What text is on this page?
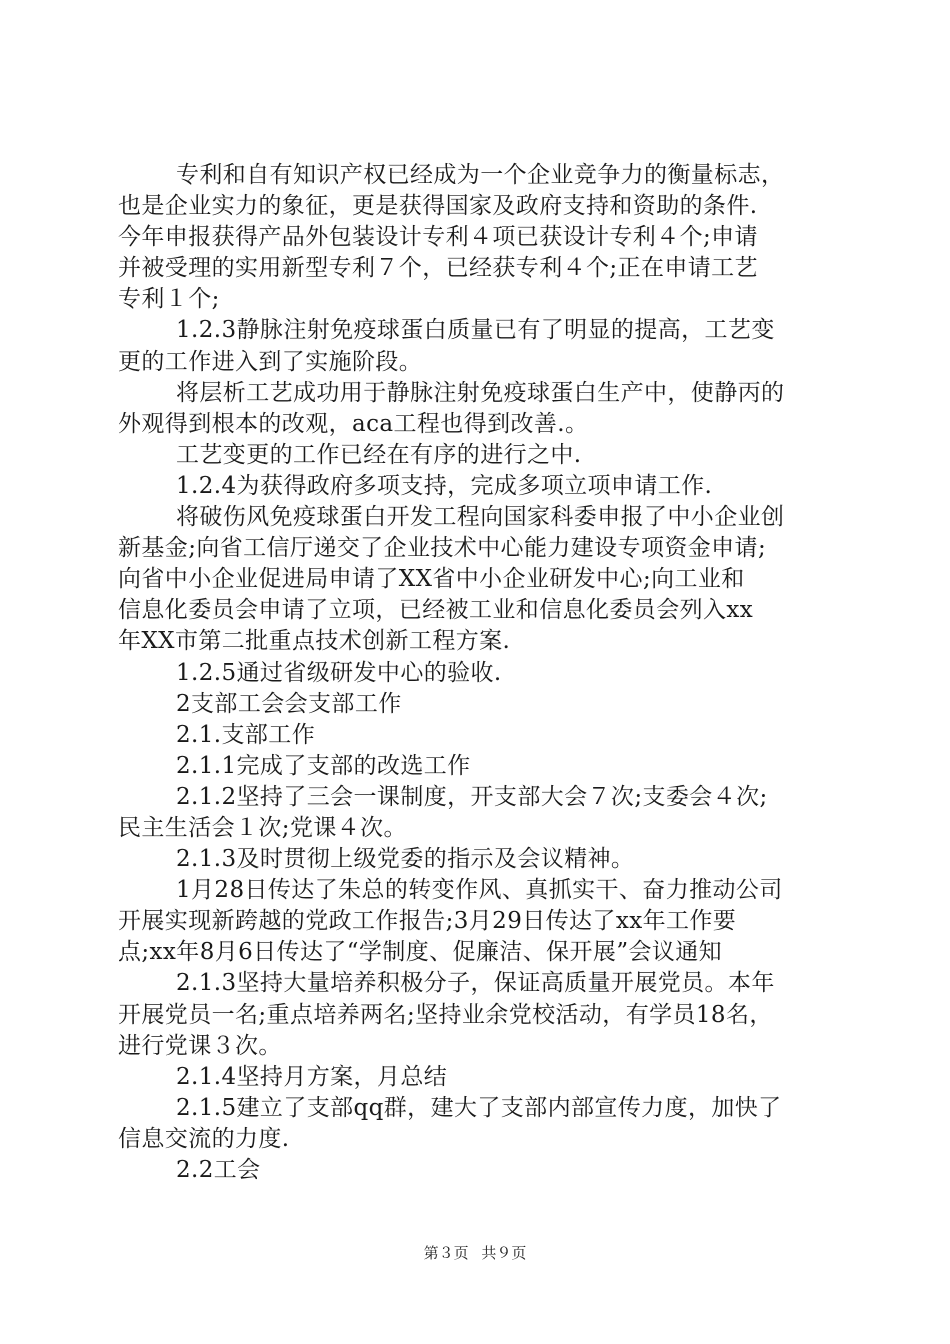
专利和自有知识产权已经成为一个企业竞争力的衡量标志，
也是企业实力的象征，更是获得国家及政府支持和资助的条件.
今年申报获得产品外包装设计专利４项已获设计专利４个;申请
并被受理的实用新型专利７个，已经获专利４个;正在申请工艺
专利１个;
1.2.3静脉注射免疫球蛋白质量已有了明显的提高，工艺变
更的工作进入到了实施阶段。
将层析工艺成功用于静脉注射免疫球蛋白生产中，使静丙的
外观得到根本的改观，aca工程也得到改善.。
工艺变更的工作已经在有序的进行之中.
1.2.4为获得政府多项支持，完成多项立项申请工作.
将破伤风免疫球蛋白开发工程向国家科委申报了中小企业创
新基金;向省工信厅递交了企业技术中心能力建设专项资金申请;
向省中小企业促进局申请了XX省中小企业研发中心;向工业和
信息化委员会申请了立项，已经被工业和信息化委员会列入xx
年XX市第二批重点技术创新工程方案.
1.2.5通过省级研发中心的验收.
2支部工会会支部工作
2.1.支部工作
2.1.1完成了支部的改选工作
2.1.2坚持了三会一课制度，开支部大会７次;支委会４次;
民主生活会１次;党课４次。
2.1.3及时贯彻上级党委的指示及会议精神。
1月28日传达了朱总的转变作风、真抓实干、奋力推动公司
开展实现新跨越的党政工作报告;3月29日传达了xx年工作要
点;xx年8月6日传达了“学制度、促廉洁、保开展”会议通知
2.1.3坚持大量培养积极分子，保证高质量开展党员。本年
开展党员一名;重点培养两名;坚持业余党校活动，有学员18名，
进行党课３次。
2.1.4坚持月方案，月总结
2.1.5建立了支部qq群，建大了支部内部宣传力度，加快了
信息交流的力度.
2.2工会
第３页 共９页
